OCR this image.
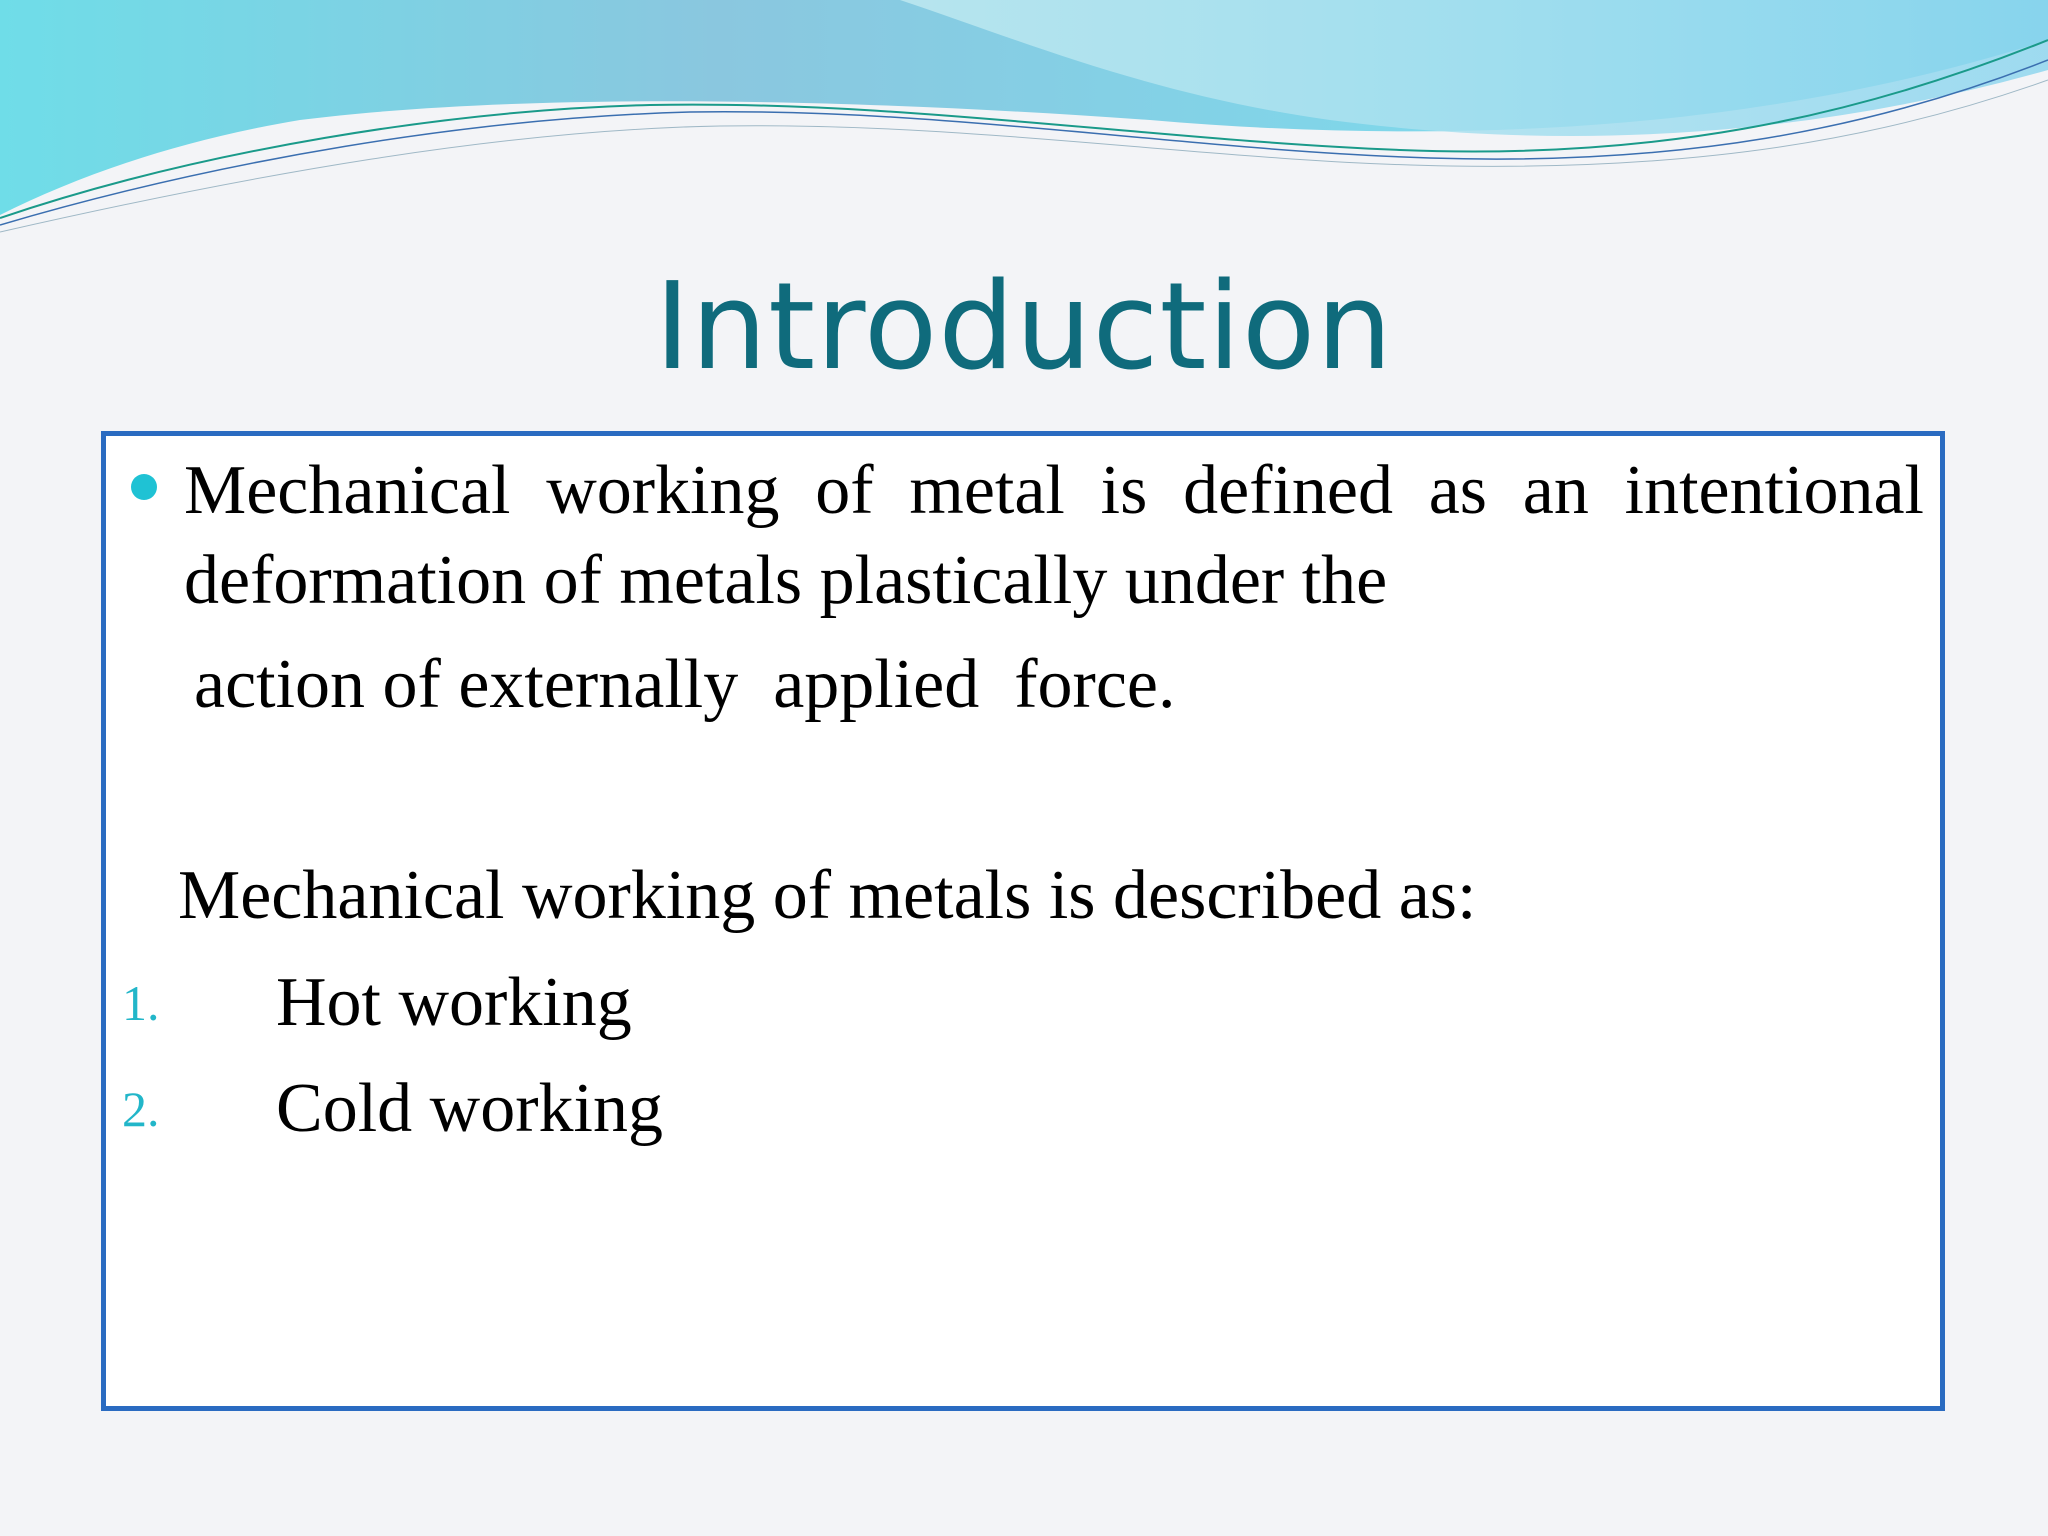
Introduction
Mechanical working of metal is defined as an intentional deformation of metals plastically under the
action of externally  applied  force.
Mechanical working of metals is described as:
1. Hot working
2. Cold working
